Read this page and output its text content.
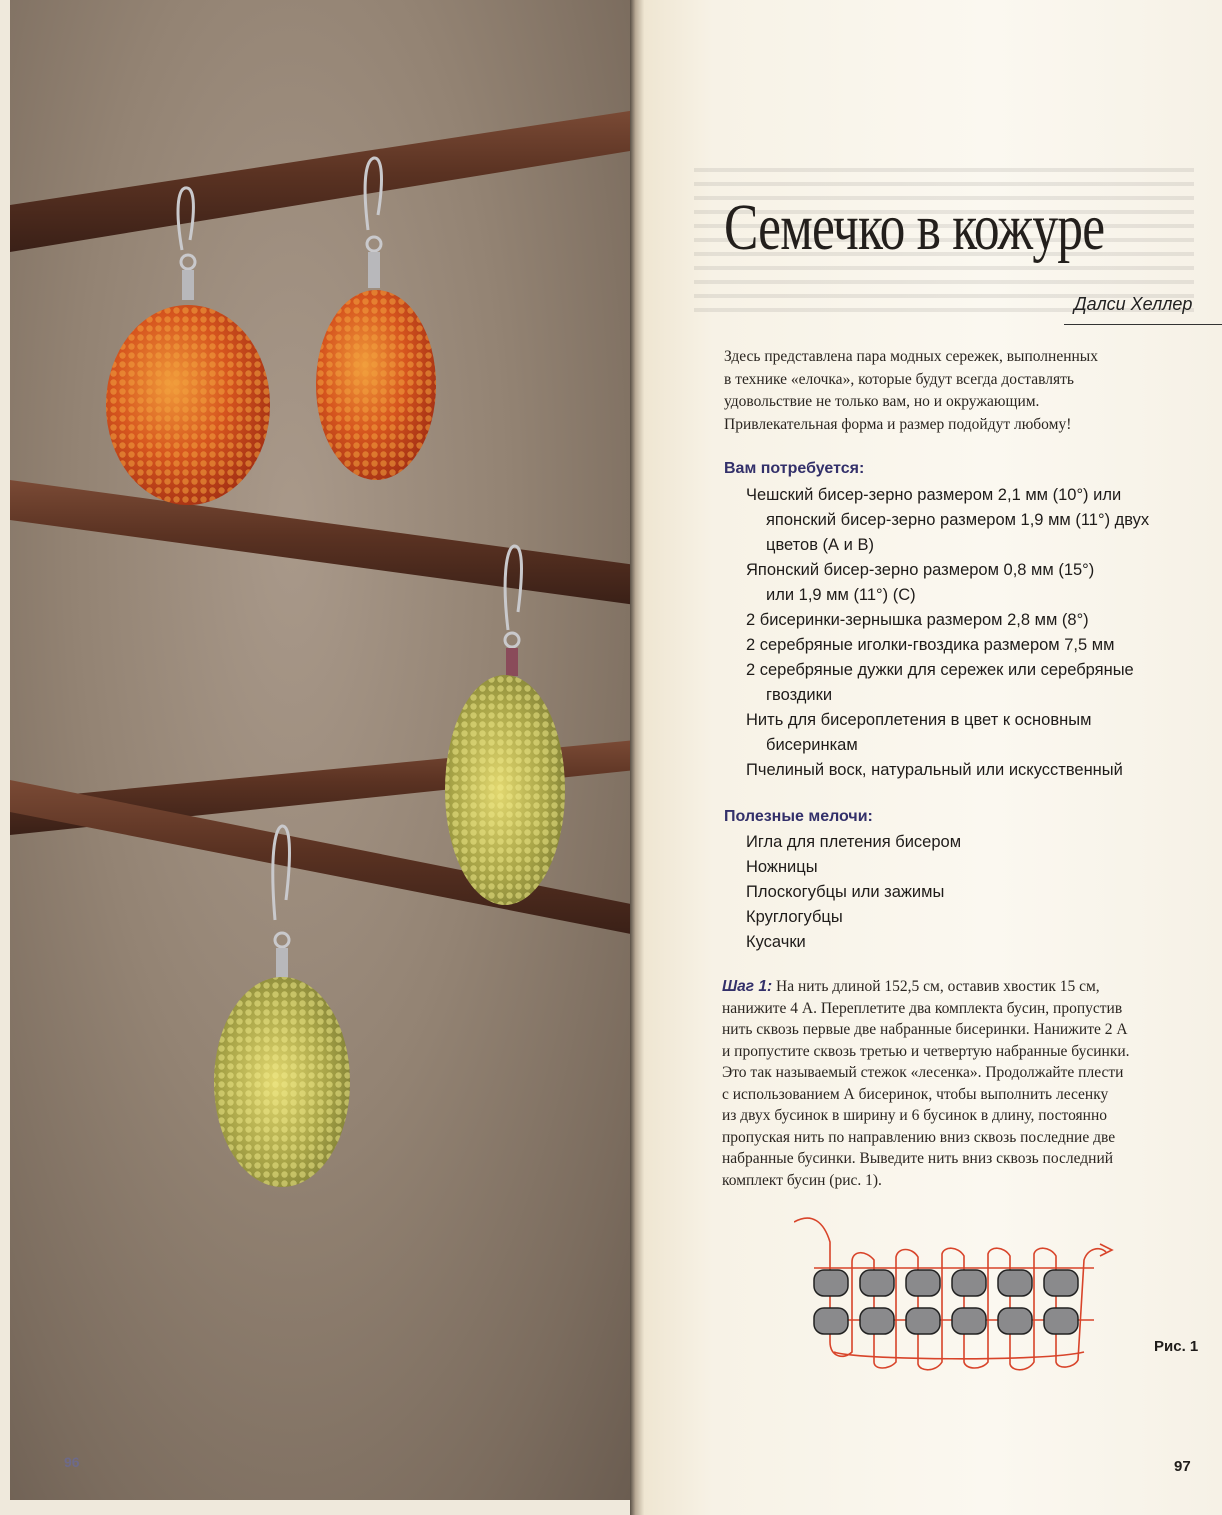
96
Семечко в кожуре
Далси Хеллер
Здесь представлена пара модных сережек, выполненных
в технике «елочка», которые будут всегда доставлять
удовольствие не только вам, но и окружающим.
Привлекательная форма и размер подойдут любому!
Вам потребуется:
Чешский бисер-зерно размером 2,1 мм (10°) или
японский бисер-зерно размером 1,9 мм (11°) двух
цветов (А и В)
Японский бисер-зерно размером 0,8 мм (15°)
или 1,9 мм (11°) (С)
2 бисеринки-зернышка размером 2,8 мм (8°)
2 серебряные иголки-гвоздика размером 7,5 мм
2 серебряные дужки для сережек или серебряные
гвоздики
Нить для бисероплетения в цвет к основным
бисеринкам
Пчелиный воск, натуральный или искусственный
Полезные мелочи:
Игла для плетения бисером
Ножницы
Плоскогубцы или зажимы
Круглогубцы
Кусачки
Шаг 1: На нить длиной 152,5 см, оставив хвостик 15 см,
нанижите 4 А. Переплетите два комплекта бусин, пропустив
нить сквозь первые две набранные бисеринки. Нанижите 2 А
и пропустите сквозь третью и четвертую набранные бусинки.
Это так называемый стежок «лесенка». Продолжайте плести
с использованием А бисеринок, чтобы выполнить лесенку
из двух бусинок в ширину и 6 бусинок в длину, постоянно
пропуская нить по направлению вниз сквозь последние две
набранные бусинки. Выведите нить вниз сквозь последний
комплект бусин (рис. 1).
Рис. 1
97
